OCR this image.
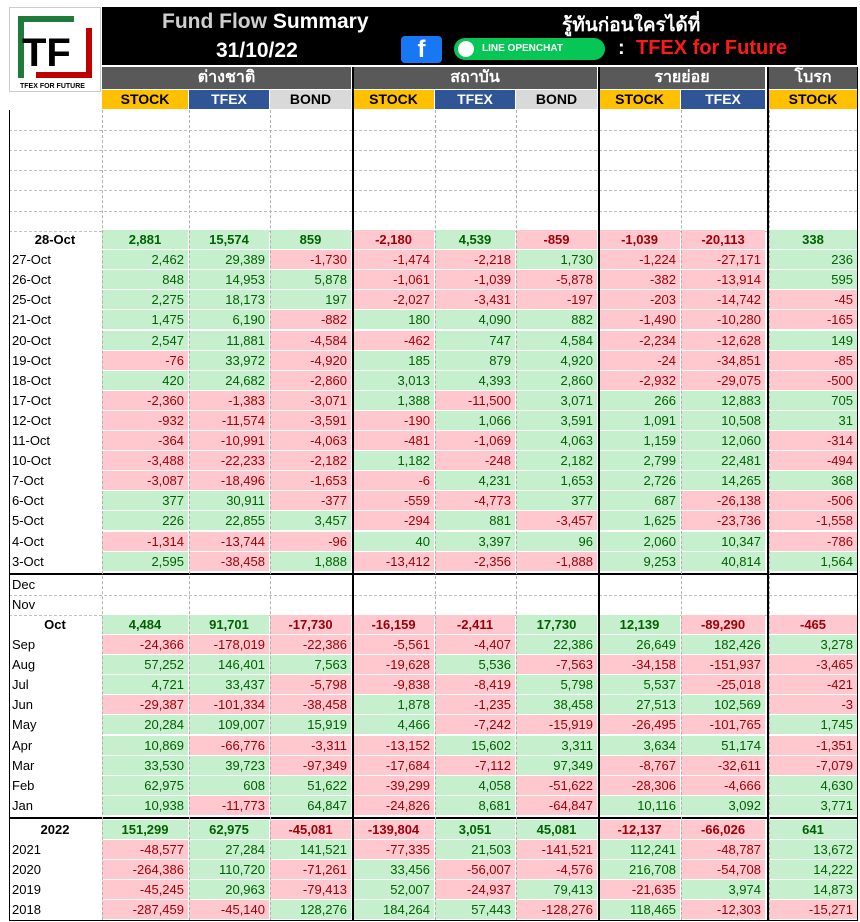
TF
TFEX FOR FUTURE
Fund Flow Summary
31/10/22
รู้ทันก่อนใครได้ที่
f	LINE OPENCHAT	: TFEX for Future
ต่างชาติ	สถาบัน	รายย่อย	โบรก
STOCK	TFEX	BOND	STOCK	TFEX	BOND	STOCK	TFEX	STOCK
28-Oct	2,881	15,574	859	-2,180	4,539	-859	-1,039	-20,113	338
27-Oct	2,462	29,389	-1,730	-1,474	-2,218	1,730	-1,224	-27,171	236
26-Oct	848	14,953	5,878	-1,061	-1,039	-5,878	-382	-13,914	595
25-Oct	2,275	18,173	197	-2,027	-3,431	-197	-203	-14,742	-45
21-Oct	1,475	6,190	-882	180	4,090	882	-1,490	-10,280	-165
20-Oct	2,547	11,881	-4,584	-462	747	4,584	-2,234	-12,628	149
19-Oct	-76	33,972	-4,920	185	879	4,920	-24	-34,851	-85
18-Oct	420	24,682	-2,860	3,013	4,393	2,860	-2,932	-29,075	-500
17-Oct	-2,360	-1,383	-3,071	1,388	-11,500	3,071	266	12,883	705
12-Oct	-932	-11,574	-3,591	-190	1,066	3,591	1,091	10,508	31
11-Oct	-364	-10,991	-4,063	-481	-1,069	4,063	1,159	12,060	-314
10-Oct	-3,488	-22,233	-2,182	1,182	-248	2,182	2,799	22,481	-494
7-Oct	-3,087	-18,496	-1,653	-6	4,231	1,653	2,726	14,265	368
6-Oct	377	30,911	-377	-559	-4,773	377	687	-26,138	-506
5-Oct	226	22,855	3,457	-294	881	-3,457	1,625	-23,736	-1,558
4-Oct	-1,314	-13,744	-96	40	3,397	96	2,060	10,347	-786
3-Oct	2,595	-38,458	1,888	-13,412	-2,356	-1,888	9,253	40,814	1,564
Dec
Nov
Oct	4,484	91,701	-17,730	-16,159	-2,411	17,730	12,139	-89,290	-465
Sep	-24,366	-178,019	-22,386	-5,561	-4,407	22,386	26,649	182,426	3,278
Aug	57,252	146,401	7,563	-19,628	5,536	-7,563	-34,158	-151,937	-3,465
Jul	4,721	33,437	-5,798	-9,838	-8,419	5,798	5,537	-25,018	-421
Jun	-29,387	-101,334	-38,458	1,878	-1,235	38,458	27,513	102,569	-3
May	20,284	109,007	15,919	4,466	-7,242	-15,919	-26,495	-101,765	1,745
Apr	10,869	-66,776	-3,311	-13,152	15,602	3,311	3,634	51,174	-1,351
Mar	33,530	39,723	-97,349	-17,684	-7,112	97,349	-8,767	-32,611	-7,079
Feb	62,975	608	51,622	-39,299	4,058	-51,622	-28,306	-4,666	4,630
Jan	10,938	-11,773	64,847	-24,826	8,681	-64,847	10,116	3,092	3,771
2022	151,299	62,975	-45,081	-139,804	3,051	45,081	-12,137	-66,026	641
2021	-48,577	27,284	141,521	-77,335	21,503	-141,521	112,241	-48,787	13,672
2020	-264,386	110,720	-71,261	33,456	-56,007	-4,576	216,708	-54,708	14,222
2019	-45,245	20,963	-79,413	52,007	-24,937	79,413	-21,635	3,974	14,873
2018	-287,459	-45,140	128,276	184,264	57,443	-128,276	118,465	-12,303	-15,271
